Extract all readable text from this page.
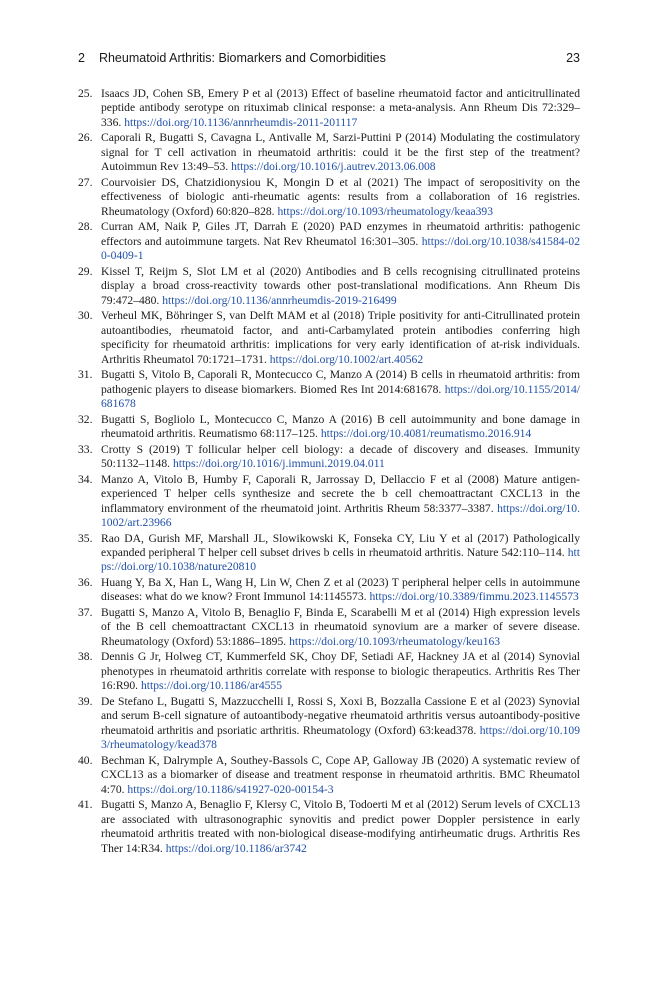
2 Rheumatoid Arthritis: Biomarkers and Comorbidities	23
25. Isaacs JD, Cohen SB, Emery P et al (2013) Effect of baseline rheumatoid factor and anticitrullinated peptide antibody serotype on rituximab clinical response: a meta-analysis. Ann Rheum Dis 72:329–336. https://doi.org/10.1136/annrheumdis-2011-201117
26. Caporali R, Bugatti S, Cavagna L, Antivalle M, Sarzi-Puttini P (2014) Modulating the costimulatory signal for T cell activation in rheumatoid arthritis: could it be the first step of the treatment? Autoimmun Rev 13:49–53. https://doi.org/10.1016/j.autrev.2013.06.008
27. Courvoisier DS, Chatzidionysiou K, Mongin D et al (2021) The impact of seropositivity on the effectiveness of biologic anti-rheumatic agents: results from a collaboration of 16 registries. Rheumatology (Oxford) 60:820–828. https://doi.org/10.1093/rheumatology/keaa393
28. Curran AM, Naik P, Giles JT, Darrah E (2020) PAD enzymes in rheumatoid arthritis: pathogenic effectors and autoimmune targets. Nat Rev Rheumatol 16:301–305. https://doi.org/10.1038/s41584-020-0409-1
29. Kissel T, Reijm S, Slot LM et al (2020) Antibodies and B cells recognising citrullinated proteins display a broad cross-reactivity towards other post-translational modifications. Ann Rheum Dis 79:472–480. https://doi.org/10.1136/annrheumdis-2019-216499
30. Verheul MK, Böhringer S, van Delft MAM et al (2018) Triple positivity for anti-Citrullinated protein autoantibodies, rheumatoid factor, and anti-Carbamylated protein antibodies conferring high specificity for rheumatoid arthritis: implications for very early identification of at-risk individuals. Arthritis Rheumatol 70:1721–1731. https://doi.org/10.1002/art.40562
31. Bugatti S, Vitolo B, Caporali R, Montecucco C, Manzo A (2014) B cells in rheumatoid arthritis: from pathogenic players to disease biomarkers. Biomed Res Int 2014:681678. https://doi.org/10.1155/2014/681678
32. Bugatti S, Bogliolo L, Montecucco C, Manzo A (2016) B cell autoimmunity and bone damage in rheumatoid arthritis. Reumatismo 68:117–125. https://doi.org/10.4081/reumatismo.2016.914
33. Crotty S (2019) T follicular helper cell biology: a decade of discovery and diseases. Immunity 50:1132–1148. https://doi.org/10.1016/j.immuni.2019.04.011
34. Manzo A, Vitolo B, Humby F, Caporali R, Jarrossay D, Dellaccio F et al (2008) Mature antigen-experienced T helper cells synthesize and secrete the b cell chemoattractant CXCL13 in the inflammatory environment of the rheumatoid joint. Arthritis Rheum 58:3377–3387. https://doi.org/10.1002/art.23966
35. Rao DA, Gurish MF, Marshall JL, Slowikowski K, Fonseka CY, Liu Y et al (2017) Pathologically expanded peripheral T helper cell subset drives b cells in rheumatoid arthritis. Nature 542:110–114. https://doi.org/10.1038/nature20810
36. Huang Y, Ba X, Han L, Wang H, Lin W, Chen Z et al (2023) T peripheral helper cells in autoimmune diseases: what do we know? Front Immunol 14:1145573. https://doi.org/10.3389/fimmu.2023.1145573
37. Bugatti S, Manzo A, Vitolo B, Benaglio F, Binda E, Scarabelli M et al (2014) High expression levels of the B cell chemoattractant CXCL13 in rheumatoid synovium are a marker of severe disease. Rheumatology (Oxford) 53:1886–1895. https://doi.org/10.1093/rheumatology/keu163
38. Dennis G Jr, Holweg CT, Kummerfeld SK, Choy DF, Setiadi AF, Hackney JA et al (2014) Synovial phenotypes in rheumatoid arthritis correlate with response to biologic therapeutics. Arthritis Res Ther 16:R90. https://doi.org/10.1186/ar4555
39. De Stefano L, Bugatti S, Mazzucchelli I, Rossi S, Xoxi B, Bozzalla Cassione E et al (2023) Synovial and serum B-cell signature of autoantibody-negative rheumatoid arthritis versus autoantibody-positive rheumatoid arthritis and psoriatic arthritis. Rheumatology (Oxford) 63:kead378. https://doi.org/10.1093/rheumatology/kead378
40. Bechman K, Dalrymple A, Southey-Bassols C, Cope AP, Galloway JB (2020) A systematic review of CXCL13 as a biomarker of disease and treatment response in rheumatoid arthritis. BMC Rheumatol 4:70. https://doi.org/10.1186/s41927-020-00154-3
41. Bugatti S, Manzo A, Benaglio F, Klersy C, Vitolo B, Todoerti M et al (2012) Serum levels of CXCL13 are associated with ultrasonographic synovitis and predict power Doppler persistence in early rheumatoid arthritis treated with non-biological disease-modifying antirheumatic drugs. Arthritis Res Ther 14:R34. https://doi.org/10.1186/ar3742
